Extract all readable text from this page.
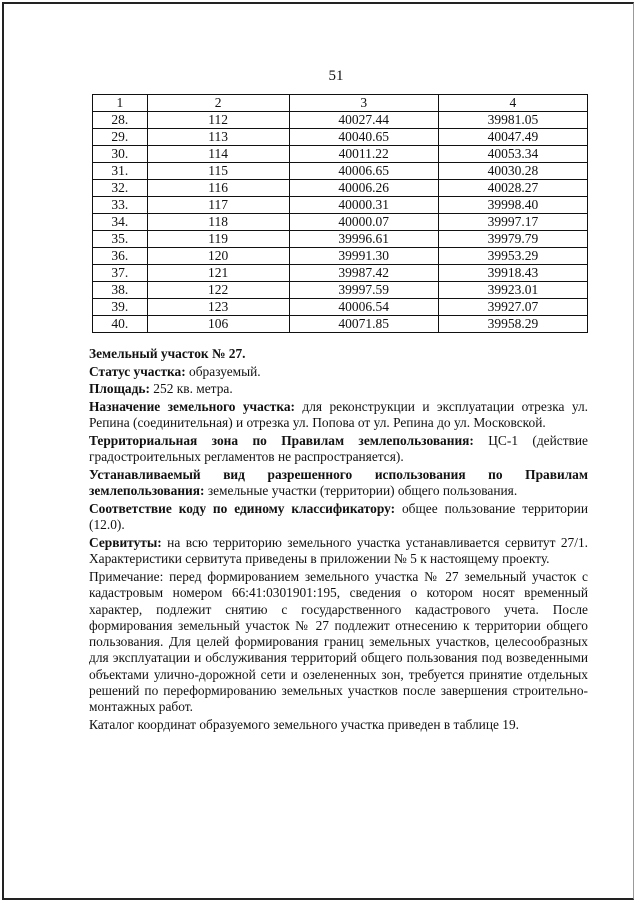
51
1	2	3	4
28.	112	40027.44	39981.05
29.	113	40040.65	40047.49
30.	114	40011.22	40053.34
31.	115	40006.65	40030.28
32.	116	40006.26	40028.27
33.	117	40000.31	39998.40
34.	118	40000.07	39997.17
35.	119	39996.61	39979.79
36.	120	39991.30	39953.29
37.	121	39987.42	39918.43
38.	122	39997.59	39923.01
39.	123	40006.54	39927.07
40.	106	40071.85	39958.29

Земельный участок № 27.

Статус участка: образуемый.

Площадь: 252 кв. метра.

Назначение земельного участка: для реконструкции и эксплуатации отрезка ул. Репина (соединительная) и отрезка ул. Попова от ул. Репина до ул. Московской.

Территориальная зона по Правилам землепользования: ЦС-1 (действие градостроительных регламентов не распространяется).

Устанавливаемый вид разрешенного использования по Правилам землепользования: земельные участки (территории) общего пользования.

Соответствие коду по единому классификатору: общее пользование территории (12.0).

Сервитуты: на всю территорию земельного участка устанавливается сервитут 27/1. Характеристики сервитута приведены в приложении № 5 к настоящему проекту.

Примечание: перед формированием земельного участка № 27 земельный участок с кадастровым номером 66:41:0301901:195, сведения о котором носят временный характер, подлежит снятию с государственного кадастрового учета. После формирования земельный участок № 27 подлежит отнесению к территории общего пользования. Для целей формирования границ земельных участков, целесообразных для эксплуатации и обслуживания территорий общего пользования под возведенными объектами улично-дорожной сети и озелененных зон, требуется принятие отдельных решений по переформированию земельных участков после завершения строительно-монтажных работ.

Каталог координат образуемого земельного участка приведен в таблице 19.
